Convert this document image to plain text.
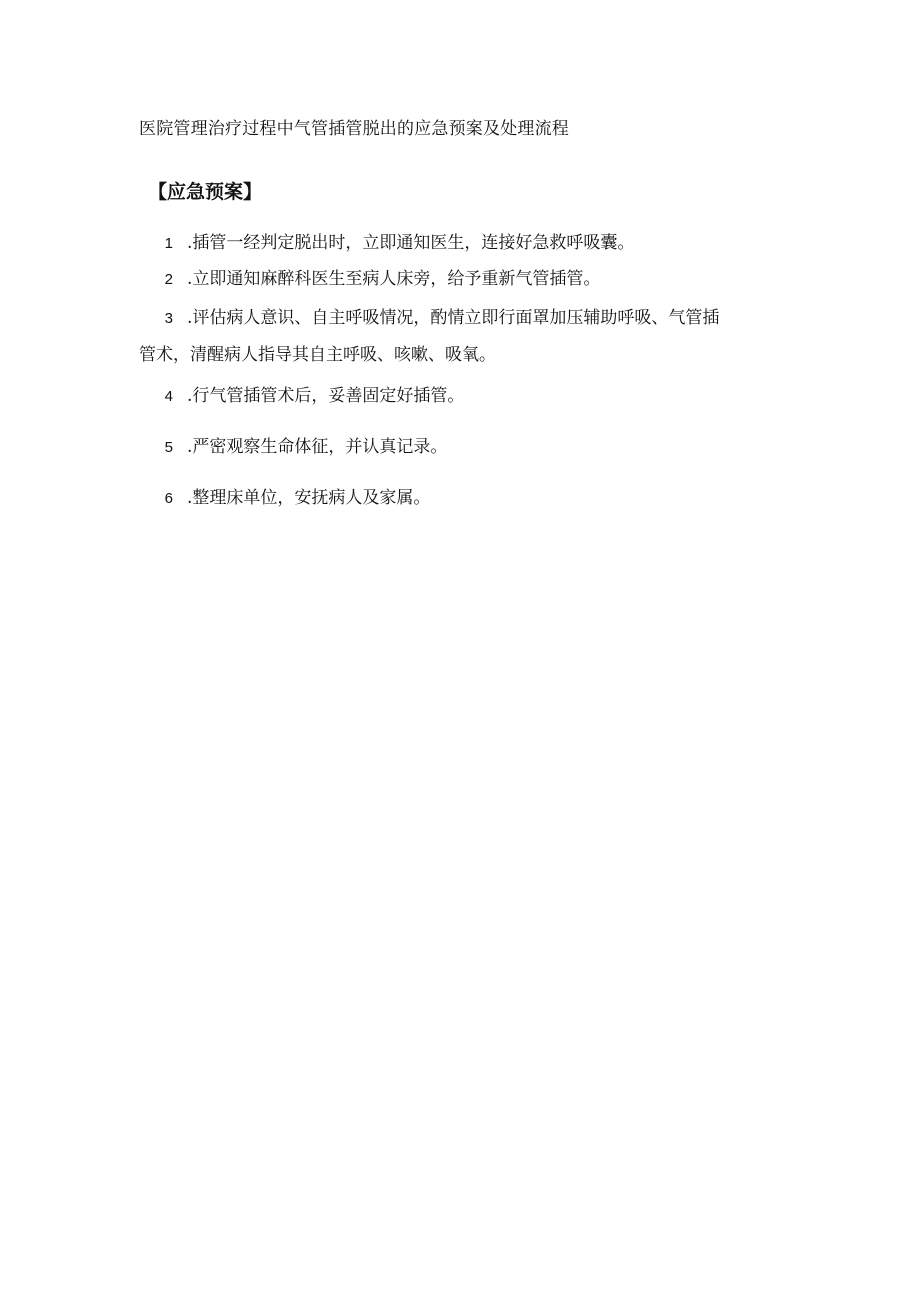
医院管理治疗过程中气管插管脱出的应急预案及处理流程
【应急预案】
1 .插管一经判定脱出时，立即通知医生，连接好急救呼吸囊。
2 .立即通知麻醉科医生至病人床旁，给予重新气管插管。
3 .评估病人意识、自主呼吸情况，酌情立即行面罩加压辅助呼吸、气管插
管术，清醒病人指导其自主呼吸、咳嗽、吸氧。
4 .行气管插管术后，妥善固定好插管。
5 .严密观察生命体征，并认真记录。
6 .整理床单位，安抚病人及家属。
